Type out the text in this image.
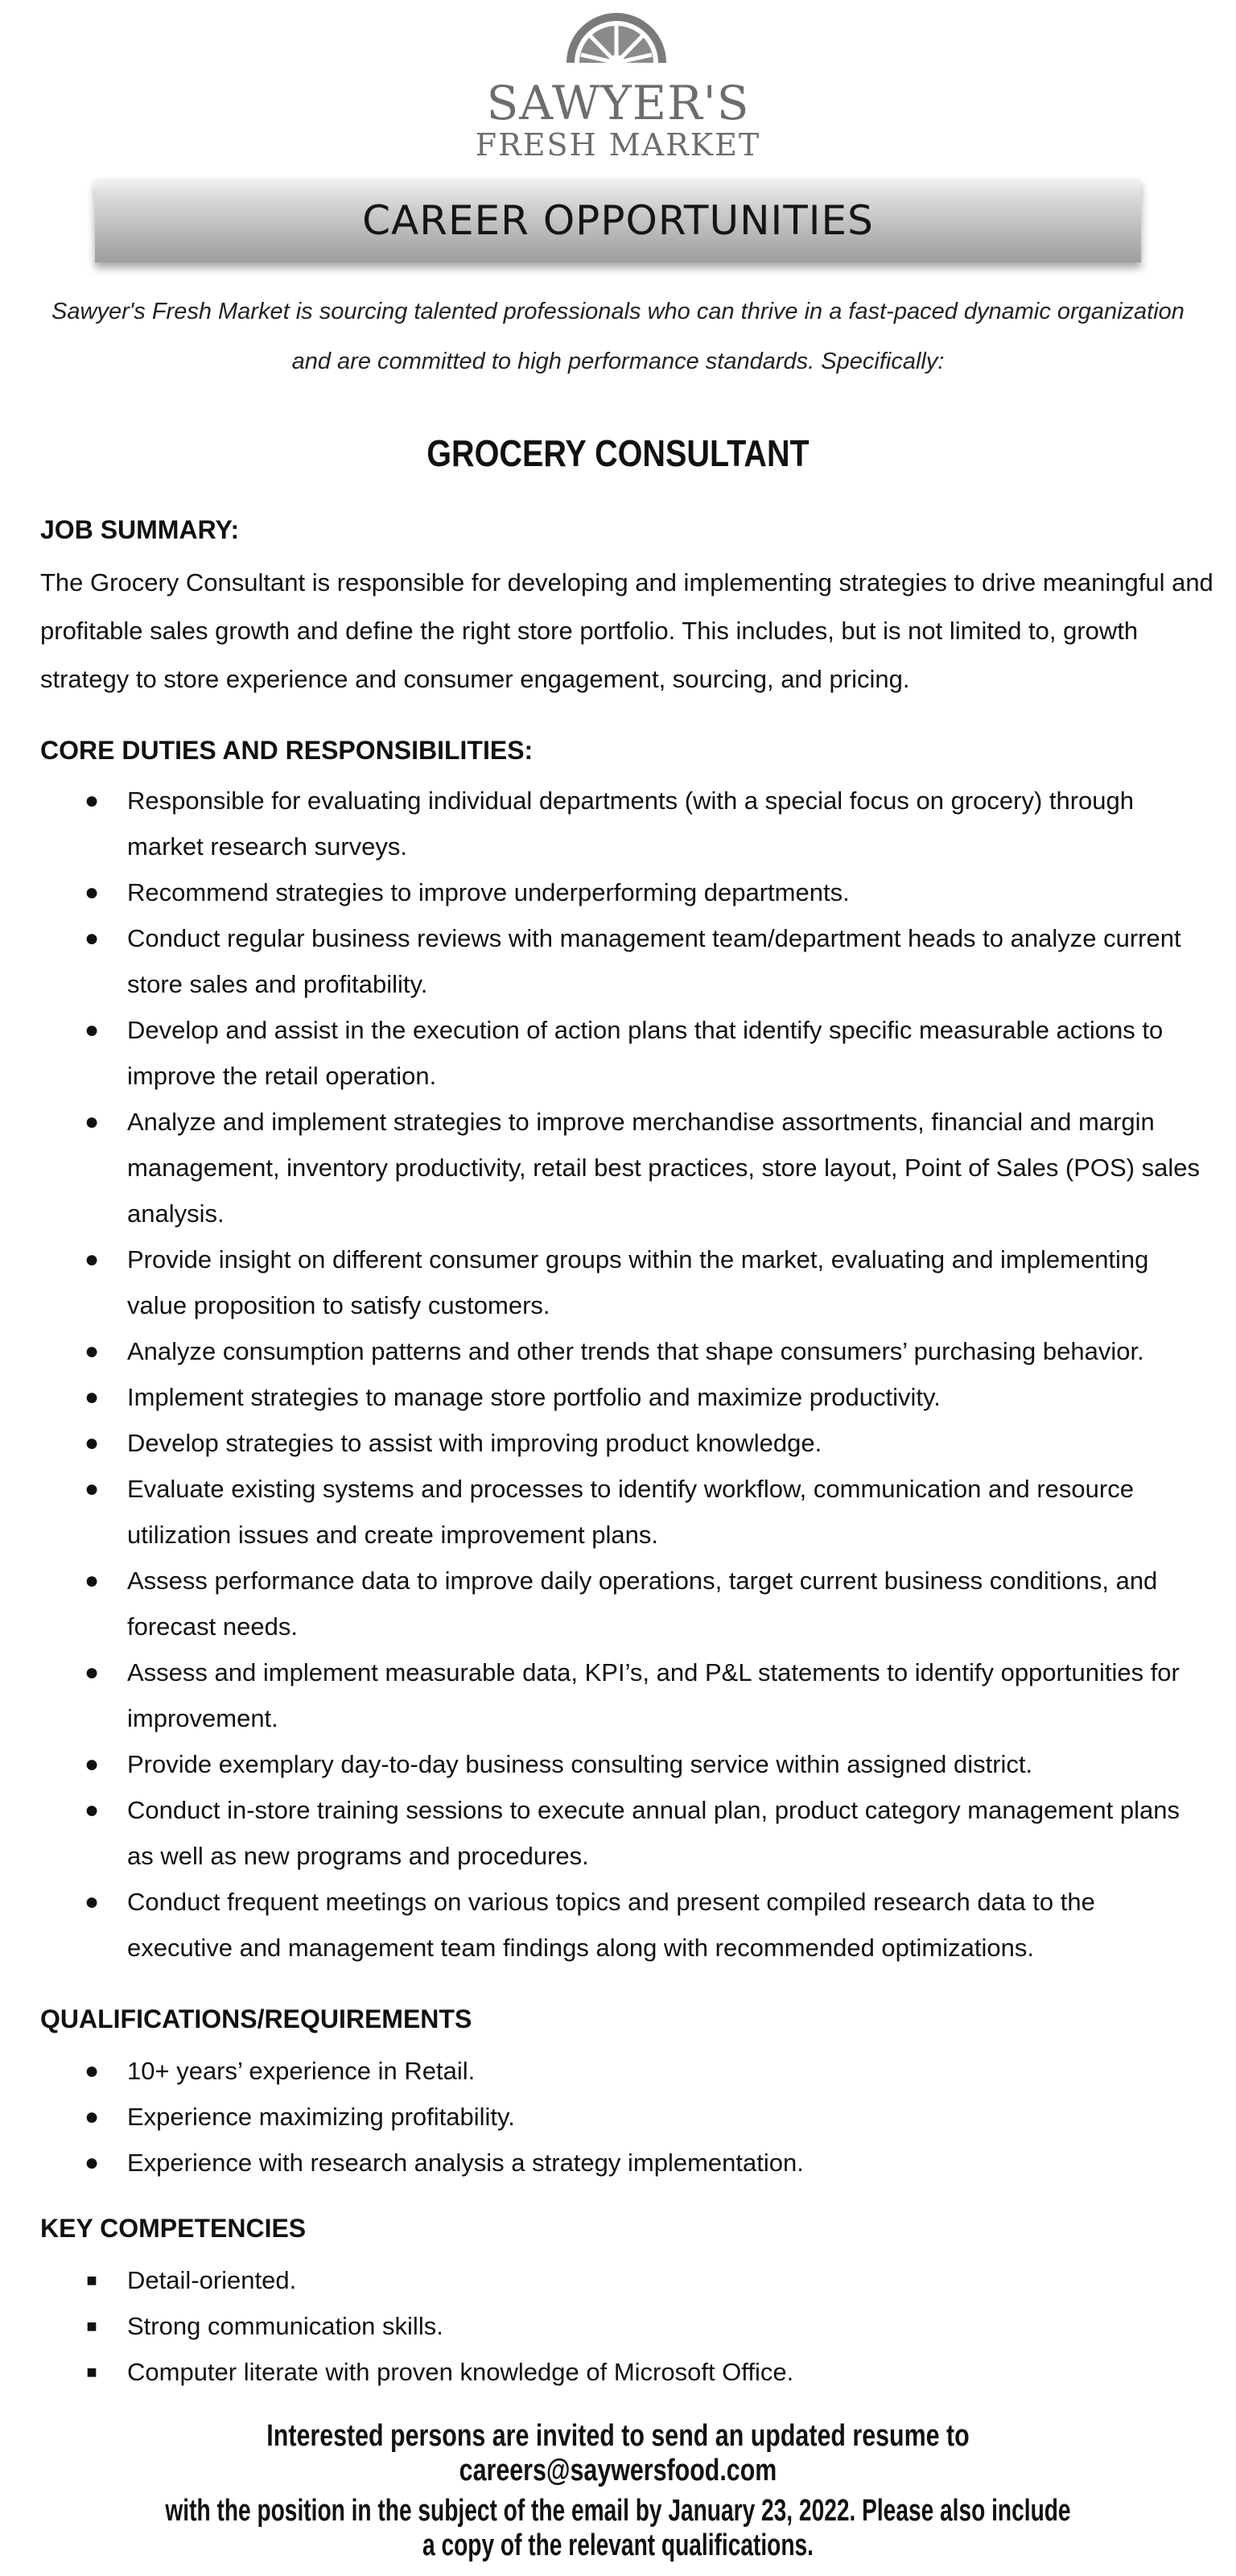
SAWYER'S
FRESH MARKET
CAREER OPPORTUNITIES
Sawyer's Fresh Market is sourcing talented professionals who can thrive in a fast-paced dynamic organization and are committed to high performance standards. Specifically:
GROCERY CONSULTANT
JOB SUMMARY:

The Grocery Consultant is responsible for developing and implementing strategies to drive meaningful and profitable sales growth and define the right store portfolio. This includes, but is not limited to, growth strategy to store experience and consumer engagement, sourcing, and pricing.

CORE DUTIES AND RESPONSIBILITIES:
● Responsible for evaluating individual departments (with a special focus on grocery) through market research surveys.
● Recommend strategies to improve underperforming departments.
● Conduct regular business reviews with management team/department heads to analyze current store sales and profitability.
● Develop and assist in the execution of action plans that identify specific measurable actions to improve the retail operation.
● Analyze and implement strategies to improve merchandise assortments, financial and margin management, inventory productivity, retail best practices, store layout, Point of Sales (POS) sales analysis.
● Provide insight on different consumer groups within the market, evaluating and implementing value proposition to satisfy customers.
● Analyze consumption patterns and other trends that shape consumers’ purchasing behavior.
● Implement strategies to manage store portfolio and maximize productivity.
● Develop strategies to assist with improving product knowledge.
● Evaluate existing systems and processes to identify workflow, communication and resource utilization issues and create improvement plans.
● Assess performance data to improve daily operations, target current business conditions, and forecast needs.
● Assess and implement measurable data, KPI’s, and P&L statements to identify opportunities for improvement.
● Provide exemplary day-to-day business consulting service within assigned district.
● Conduct in-store training sessions to execute annual plan, product category management plans as well as new programs and procedures.
● Conduct frequent meetings on various topics and present compiled research data to the executive and management team findings along with recommended optimizations.
QUALIFICATIONS/REQUIREMENTS
● 10+ years’ experience in Retail.
● Experience maximizing profitability.
● Experience with research analysis a strategy implementation.
KEY COMPETENCIES
■ Detail-oriented.
■ Strong communication skills.
■ Computer literate with proven knowledge of Microsoft Office.
Interested persons are invited to send an updated resume to careers@saywersfood.com
with the position in the subject of the email by January 23, 2022. Please also include a copy of the relevant qualifications.
